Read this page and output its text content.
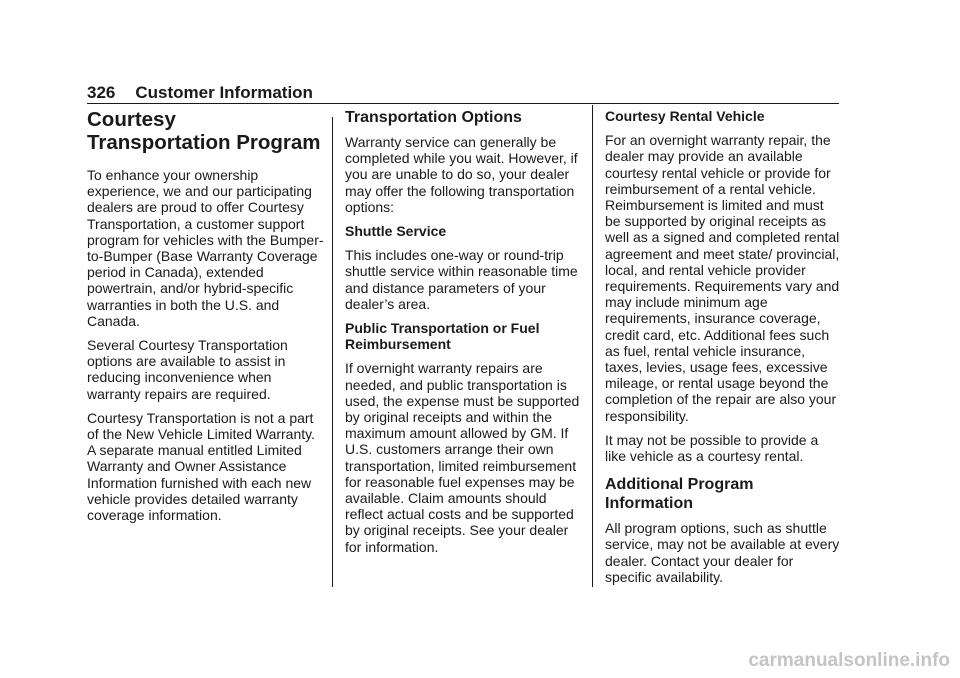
326 Customer Information
Courtesy Transportation Program

To enhance your ownership experience, we and our participating dealers are proud to offer Courtesy Transportation, a customer support program for vehicles with the Bumper-to-Bumper (Base Warranty Coverage period in Canada), extended powertrain, and/or hybrid-specific warranties in both the U.S. and Canada.

Several Courtesy Transportation options are available to assist in reducing inconvenience when warranty repairs are required.

Courtesy Transportation is not a part of the New Vehicle Limited Warranty. A separate manual entitled Limited Warranty and Owner Assistance Information furnished with each new vehicle provides detailed warranty coverage information.

Transportation Options

Warranty service can generally be completed while you wait. However, if you are unable to do so, your dealer may offer the following transportation options:

Shuttle Service

This includes one-way or round-trip shuttle service within reasonable time and distance parameters of your dealer’s area.

Public Transportation or Fuel Reimbursement

If overnight warranty repairs are needed, and public transportation is used, the expense must be supported by original receipts and within the maximum amount allowed by GM. If U.S. customers arrange their own transportation, limited reimbursement for reasonable fuel expenses may be available. Claim amounts should reflect actual costs and be supported by original receipts. See your dealer for information.

Courtesy Rental Vehicle

For an overnight warranty repair, the dealer may provide an available courtesy rental vehicle or provide for reimbursement of a rental vehicle. Reimbursement is limited and must be supported by original receipts as well as a signed and completed rental agreement and meet state/ provincial, local, and rental vehicle provider requirements. Requirements vary and may include minimum age requirements, insurance coverage, credit card, etc. Additional fees such as fuel, rental vehicle insurance, taxes, levies, usage fees, excessive mileage, or rental usage beyond the completion of the repair are also your responsibility.

It may not be possible to provide a like vehicle as a courtesy rental.

Additional Program Information

All program options, such as shuttle service, may not be available at every dealer. Contact your dealer for specific availability.

carmanualsonline.info
